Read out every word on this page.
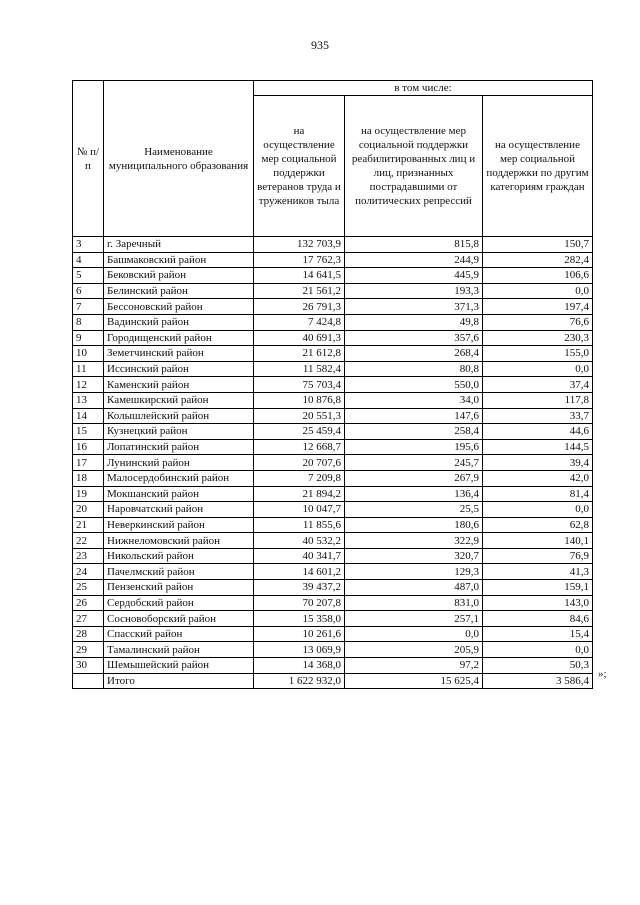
935
№ п/п	Наименование муниципального образования	в том числе:		
		на осуществление мер социальной поддержки ветеранов труда и тружеников тыла	на осуществление мер социальной поддержки реабилитированных лиц и лиц, признанных пострадавшими от политических репрессий	на осуществление мер социальной поддержки по другим категориям граждан
3	г. Заречный	132 703,9	815,8	150,7
4	Башмаковский район	17 762,3	244,9	282,4
5	Бековский район	14 641,5	445,9	106,6
6	Белинский район	21 561,2	193,3	0,0
7	Бессоновский район	26 791,3	371,3	197,4
8	Вадинский район	7 424,8	49,8	76,6
9	Городищенский район	40 691,3	357,6	230,3
10	Земетчинский район	21 612,8	268,4	155,0
11	Иссинский район	11 582,4	80,8	0,0
12	Каменский район	75 703,4	550,0	37,4
13	Камешкирский район	10 876,8	34,0	117,8
14	Колышлейский район	20 551,3	147,6	33,7
15	Кузнецкий район	25 459,4	258,4	44,6
16	Лопатинский район	12 668,7	195,6	144,5
17	Лунинский район	20 707,6	245,7	39,4
18	Малосердобинский район	7 209,8	267,9	42,0
19	Мокшанский район	21 894,2	136,4	81,4
20	Наровчатский район	10 047,7	25,5	0,0
21	Неверкинский район	11 855,6	180,6	62,8
22	Нижнеломовский район	40 532,2	322,9	140,1
23	Никольский район	40 341,7	320,7	76,9
24	Пачелмский район	14 601,2	129,3	41,3
25	Пензенский район	39 437,2	487,0	159,1
26	Сердобский район	70 207,8	831,0	143,0
27	Сосновоборский район	15 358,0	257,1	84,6
28	Спасский район	10 261,6	0,0	15,4
29	Тамалинский район	13 069,9	205,9	0,0
30	Шемышейский район	14 368,0	97,2	50,3
	Итого	1 622 932,0	15 625,4	3 586,4
»;
